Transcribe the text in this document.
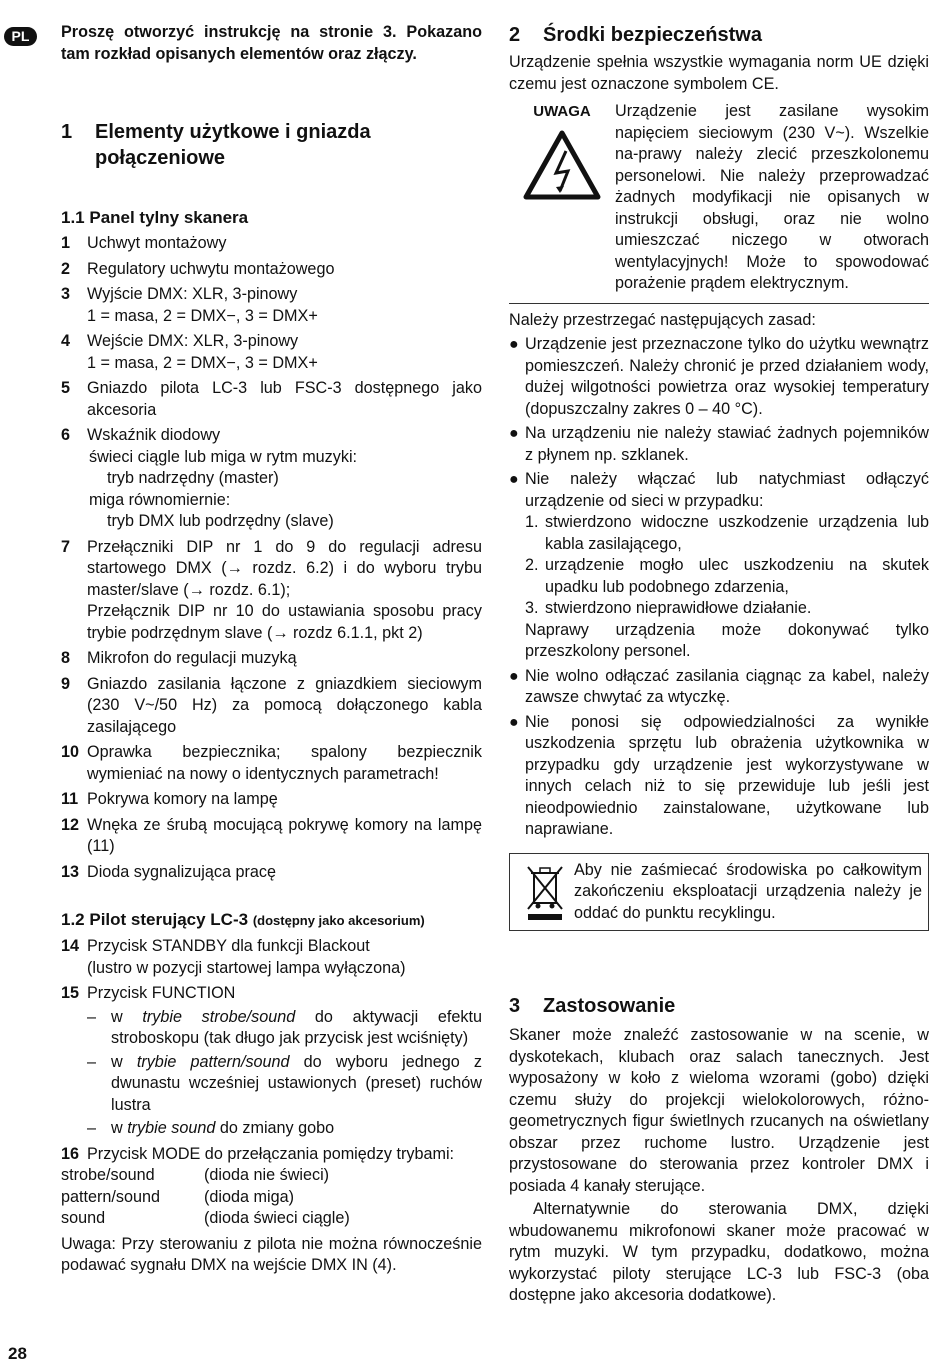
PL
28

Proszę otworzyć instrukcję na stronie 3. Pokazano tam rozkład opisanych elementów oraz złączy.

1	Elementy użytkowe i gniazda połączeniowe
1.1 Panel tylny skanera
1	Uchwyt montażowy
2	Regulatory uchwytu montażowego
3	Wyjście DMX: XLR, 3-pinowy
1 = masa, 2 = DMX−, 3 = DMX+
4	Wejście DMX: XLR, 3-pinowy
1 = masa, 2 = DMX−, 3 = DMX+
5	Gniazdo pilota LC-3 lub FSC-3 dostępnego jako akcesoria
6	Wskaźnik diodowy
świeci ciągle lub miga w rytm muzyki:
tryb nadrzędny (master)
miga równomiernie:
tryb DMX lub podrzędny (slave)
7	Przełączniki DIP nr 1 do 9 do regulacji adresu startowego DMX (→ rozdz. 6.2) i do wyboru trybu master/slave (→ rozdz. 6.1);
Przełącznik DIP nr 10 do ustawiania sposobu pracy trybie podrzędnym slave (→ rozdz 6.1.1, pkt 2)
8	Mikrofon do regulacji muzyką
9	Gniazdo zasilania łączone z gniazdkiem sieciowym (230 V~/50 Hz) za pomocą dołączonego kabla zasilającego
10 Oprawka bezpiecznika; spalony bezpiecznik wymieniać na nowy o identycznych parametrach!
11 Pokrywa komory na lampę
12 Wnęka ze śrubą mocującą pokrywę komory na lampę (11)
13 Dioda sygnalizująca pracę
1.2 Pilot sterujący LC-3 (dostępny jako akcesorium)
14 Przycisk STANDBY dla funkcji Blackout
(lustro w pozycji startowej lampa wyłączona)
15 Przycisk FUNCTION
– w trybie strobe/sound do aktywacji efektu stroboskopu (tak długo jak przycisk jest wciśnięty)
– w trybie pattern/sound do wyboru jednego z dwunastu wcześniej ustawionych (preset) ruchów lustra
– w trybie sound do zmiany gobo
16 Przycisk MODE do przełączania pomiędzy trybami:
strobe/sound	(dioda nie świeci)
pattern/sound	(dioda miga)
sound	(dioda świeci ciągle)

Uwaga: Przy sterowaniu z pilota nie można równocześnie podawać sygnału DMX na wejście DMX IN (4).

2	Środki bezpieczeństwa

Urządzenie spełnia wszystkie wymagania norm UE dzięki czemu jest oznaczone symbolem CE.

UWAGA Urządzenie jest zasilane wysokim napięciem sieciowym (230 V~). Wszelkie na-prawy należy zlecić przeszkolonemu personelowi. Nie należy przeprowadzać żadnych modyfikacji nie opisanych w instrukcji obsługi, oraz nie wolno umieszczać niczego w otworach wentylacyjnych! Może to spowodować porażenie prądem elektrycznym.

Należy przestrzegać następujących zasad:

● Urządzenie jest przeznaczone tylko do użytku wewnątrz pomieszczeń. Należy chronić je przed działaniem wody, dużej wilgotności powietrza oraz wysokiej temperatury (dopuszczalny zakres 0 – 40 °C).
● Na urządzeniu nie należy stawiać żadnych pojemników z płynem np. szklanek.
● Nie należy włączać lub natychmiast odłączyć urządzenie od sieci w przypadku:
1. stwierdzono widoczne uszkodzenie urządzenia lub kabla zasilającego,
2. urządzenie mogło ulec uszkodzeniu na skutek upadku lub podobnego zdarzenia,
3. stwierdzono nieprawidłowe działanie.
Naprawy urządzenia może dokonywać tylko przeszkolony personel.
● Nie wolno odłączać zasilania ciągnąc za kabel, należy zawsze chwytać za wtyczkę.
● Nie ponosi się odpowiedzialności za wynikłe uszkodzenia sprzętu lub obrażenia użytkownika w przypadku gdy urządzenie jest wykorzystywane w innych celach niż to się przewiduje lub jeśli jest nieodpowiednio zainstalowane, użytkowane lub naprawiane.
Aby nie zaśmiecać środowiska po całkowitym zakończeniu eksploatacji urządzenia należy je oddać do punktu recyklingu.
3	Zastosowanie

Skaner może znaleźć zastosowanie w na scenie, w dyskotekach, klubach oraz salach tanecznych. Jest wyposażony w koło z wieloma wzorami (gobo) dzięki czemu służy do projekcji wielokolorowych, różno-geometrycznych figur świetlnych rzucanych na oświetlany obszar przez ruchome lustro. Urządzenie jest przystosowane do sterowania przez kontroler DMX i posiada 4 kanały sterujące.

Alternatywnie do sterowania DMX, dzięki wbudowanemu mikrofonowi skaner może pracować w rytm muzyki. W tym przypadku, dodatkowo, można wykorzystać piloty sterujące LC-3 lub FSC-3 (oba dostępne jako akcesoria dodatkowe).
